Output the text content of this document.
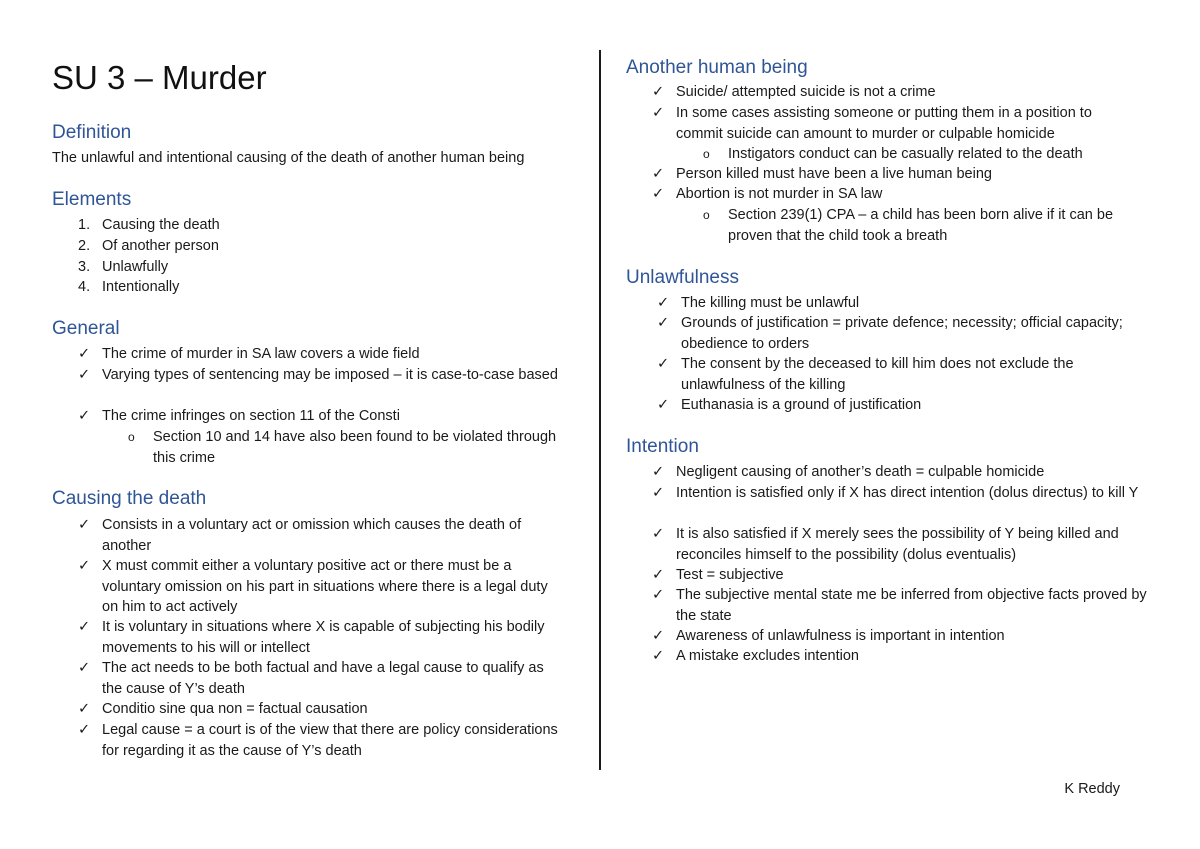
SU 3 – Murder
Definition

The unlawful and intentional causing of the death of another human being

Elements
1. Causing the death
2. Of another person
3. Unlawfully
4. Intentionally
General
✓ The crime of murder in SA law covers a wide field
✓ Varying types of sentencing may be imposed – it is case-to-case based
✓ The crime infringes on section 11 of the Consti
o	Section 10 and 14 have also been found to be violated through this crime
Causing the death
✓ Consists in a voluntary act or omission which causes the death of another
✓ X must commit either a voluntary positive act or there must be a voluntary omission on his part in situations where there is a legal duty on him to act actively
✓ It is voluntary in situations where X is capable of subjecting his bodily movements to his will or intellect
✓ The act needs to be both factual and have a legal cause to qualify as the cause of Y’s death
✓ Conditio sine qua non = factual causation
✓ Legal cause = a court is of the view that there are policy considerations for regarding it as the cause of Y’s death
Another human being
✓ Suicide/ attempted suicide is not a crime
✓ In some cases assisting someone or putting them in a position to commit suicide can amount to murder or culpable homicide
o	Instigators conduct can be casually related to the death
✓ Person killed must have been a live human being
✓ Abortion is not murder in SA law
o	Section 239(1) CPA – a child has been born alive if it can be proven that the child took a breath
Unlawfulness
✓ The killing must be unlawful
✓ Grounds of justification = private defence; necessity; official capacity; obedience to orders
✓ The consent by the deceased to kill him does not exclude the unlawfulness of the killing
✓ Euthanasia is a ground of justification
Intention
✓ Negligent causing of another’s death = culpable homicide
✓ Intention is satisfied only if X has direct intention (dolus directus) to kill Y
✓ It is also satisfied if X merely sees the possibility of Y being killed and reconciles himself to the possibility (dolus eventualis)
✓ Test = subjective
✓ The subjective mental state me be inferred from objective facts proved by the state
✓ Awareness of unlawfulness is important in intention
✓ A mistake excludes intention
K Reddy
